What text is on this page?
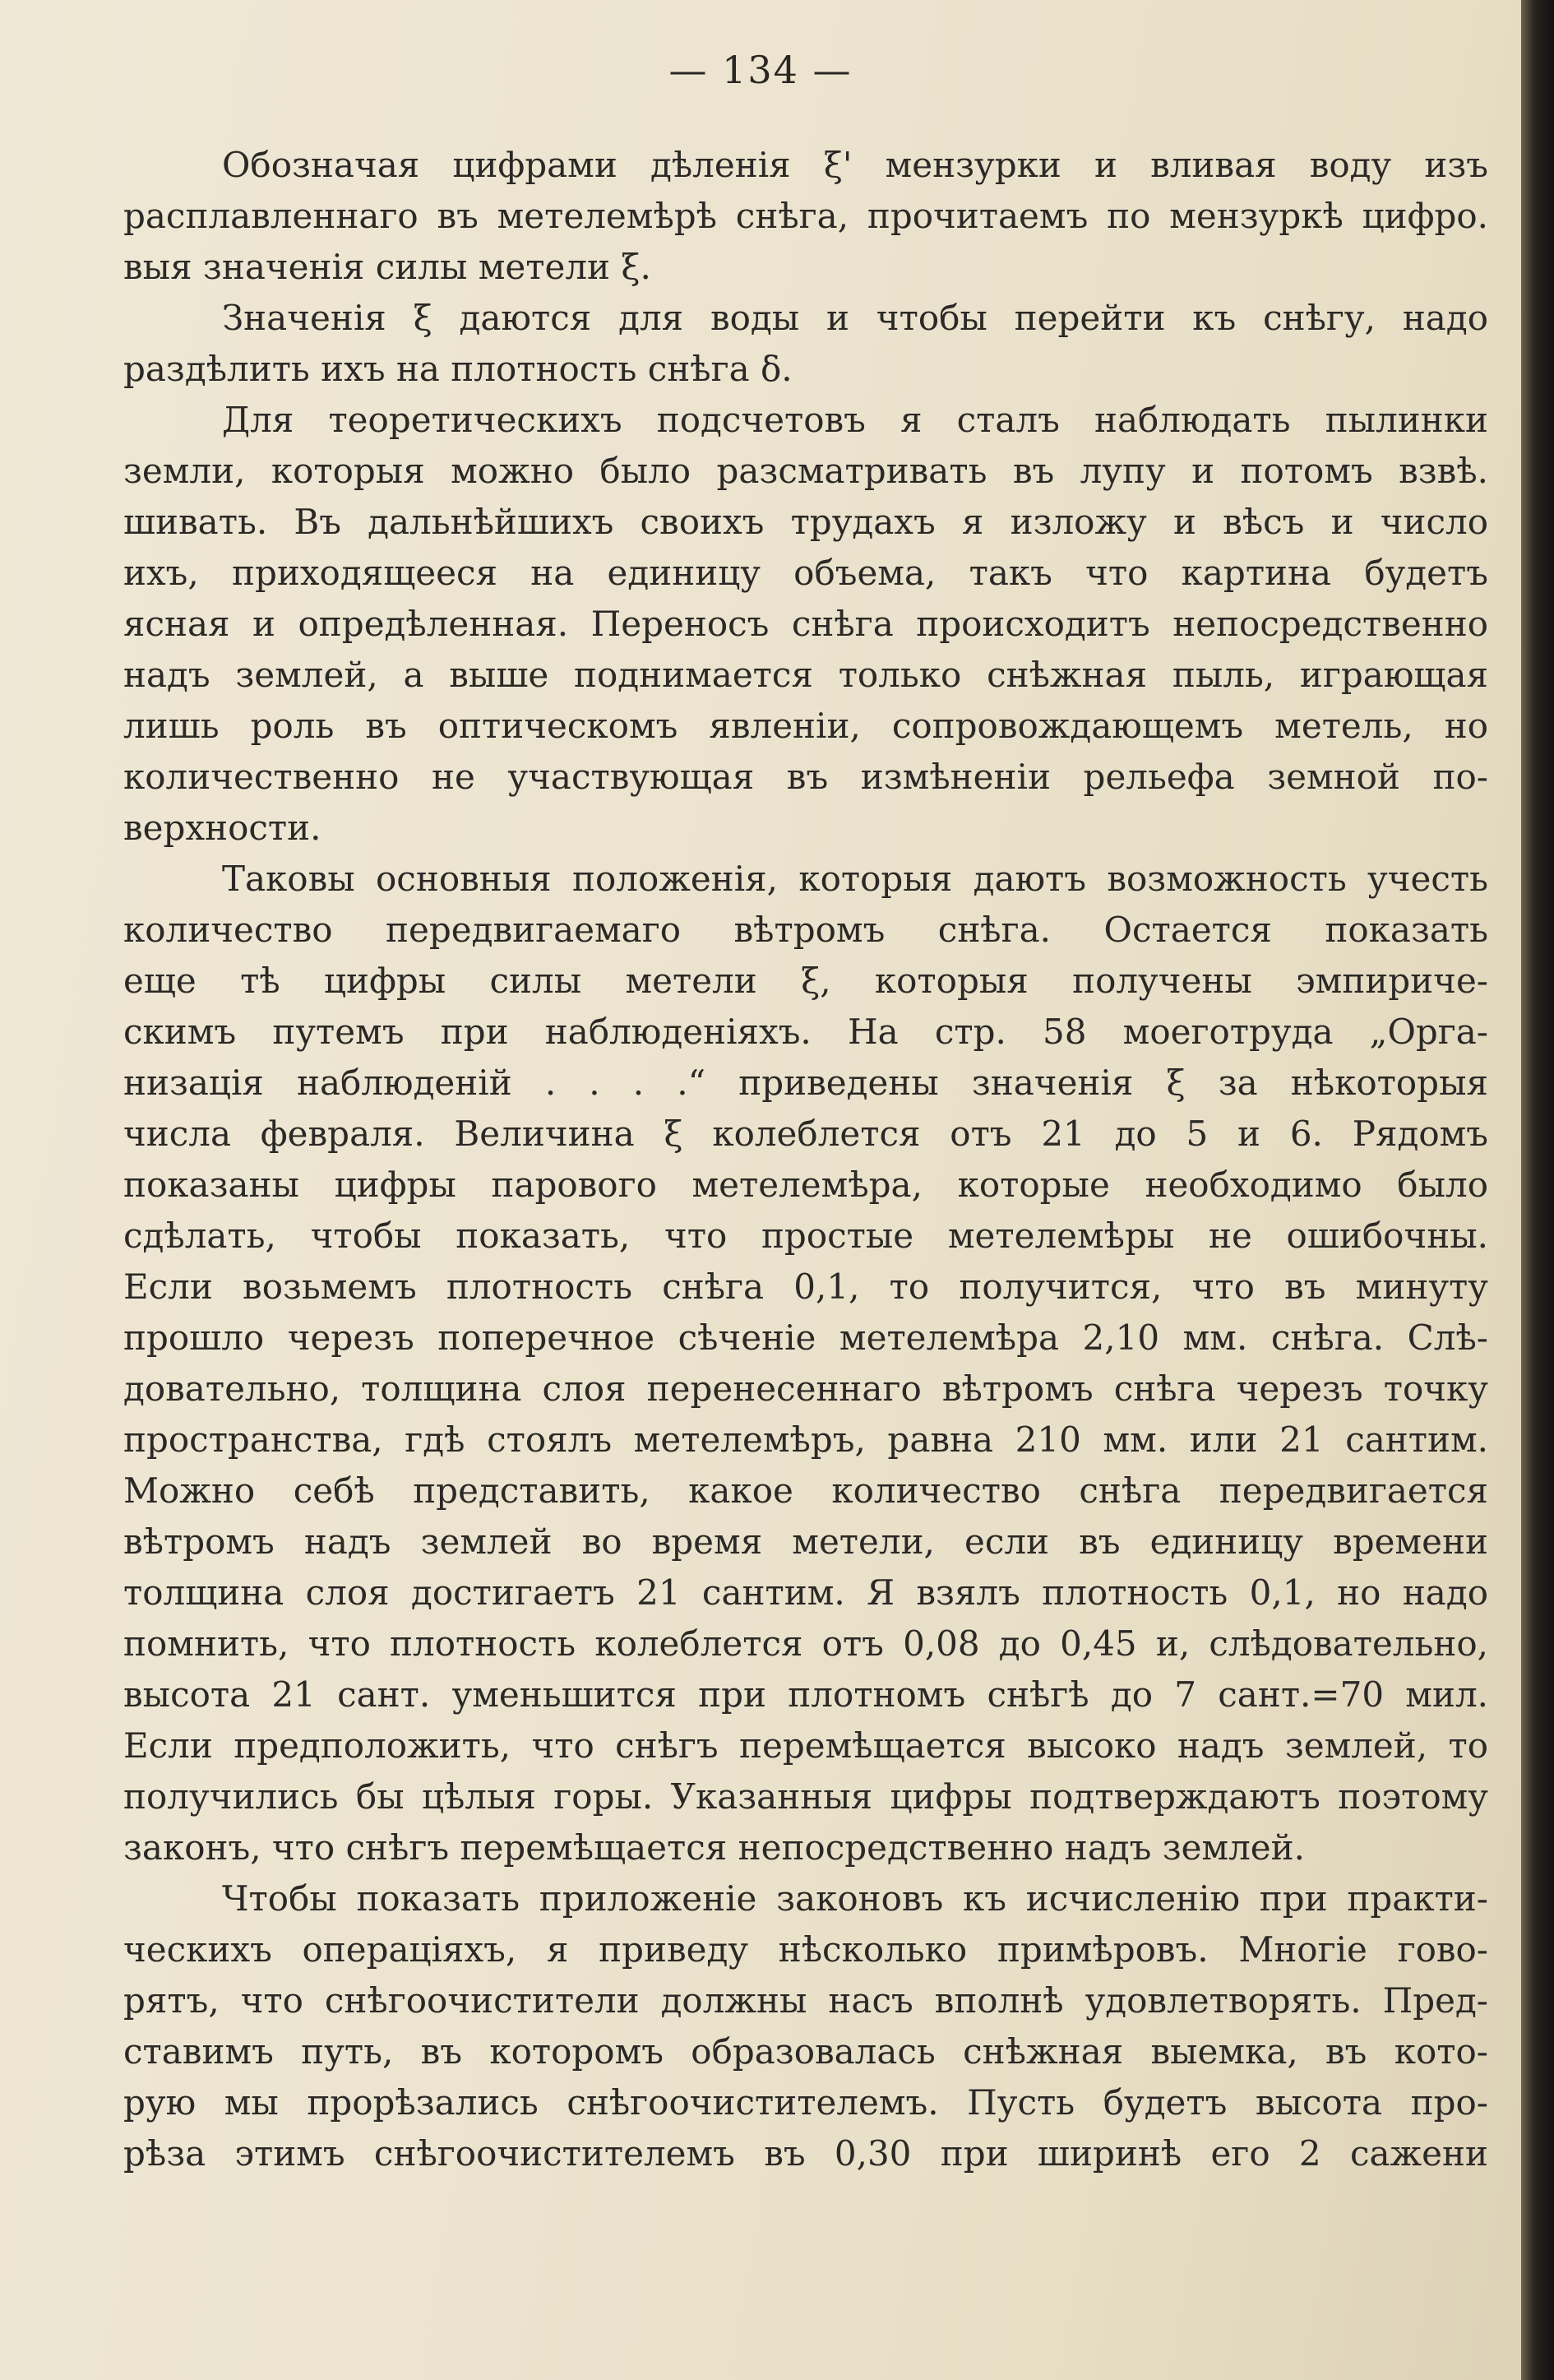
— 134 —
Обозначая цифрами дѣленія ξ' мензурки и вливая воду изъ
расплавленнаго въ метелемѣрѣ снѣга, прочитаемъ по мензуркѣ цифро.
выя значенія силы метели ξ.
Значенія ξ даются для воды и чтобы перейти къ снѣгу, надо
раздѣлить ихъ на плотность снѣга δ.
Для теоретическихъ подсчетовъ я сталъ наблюдать пылинки
земли, которыя можно было разсматривать въ лупу и потомъ взвѣ.
шивать. Въ дальнѣйшихъ своихъ трудахъ я изложу и вѣсъ и число
ихъ, приходящееся на единицу объема, такъ что картина будетъ
ясная и опредѣленная. Переносъ снѣга происходитъ непосредственно
надъ землей, а выше поднимается только снѣжная пыль, играющая
лишь роль въ оптическомъ явленіи, сопровождающемъ метель, но
количественно не участвующая въ измѣненіи рельефа земной по-
верхности.
Таковы основныя положенія, которыя даютъ возможность учесть
количество передвигаемаго вѣтромъ снѣга. Остается показать
еще тѣ цифры силы метели ξ, которыя получены эмпириче-
скимъ путемъ при наблюденіяхъ. На стр. 58 моеготруда „Орга-
низація наблюденій . . . .“ приведены значенія ξ за нѣкоторыя
числа февраля. Величина ξ колеблется отъ 21 до 5 и 6. Рядомъ
показаны цифры парового метелемѣра, которые необходимо было
сдѣлать, чтобы показать, что простые метелемѣры не ошибочны.
Если возьмемъ плотность снѣга 0,1, то получится, что въ минуту
прошло черезъ поперечное сѣченіе метелемѣра 2,10 мм. снѣга. Слѣ-
довательно, толщина слоя перенесеннаго вѣтромъ снѣга черезъ точку
пространства, гдѣ стоялъ метелемѣръ, равна 210 мм. или 21 сантим.
Можно себѣ представить, какое количество снѣга передвигается
вѣтромъ надъ землей во время метели, если въ единицу времени
толщина слоя достигаетъ 21 сантим. Я взялъ плотность 0,1, но надо
помнить, что плотность колеблется отъ 0,08 до 0,45 и, слѣдовательно,
высота 21 сант. уменьшится при плотномъ снѣгѣ до 7 сант.=70 мил.
Если предположить, что снѣгъ перемѣщается высоко надъ землей, то
получились бы цѣлыя горы. Указанныя цифры подтверждаютъ поэтому
законъ, что снѣгъ перемѣщается непосредственно надъ землей.
Чтобы показать приложеніе законовъ къ исчисленію при практи-
ческихъ операціяхъ, я приведу нѣсколько примѣровъ. Многіе гово-
рятъ, что снѣгоочистители должны насъ вполнѣ удовлетворять. Пред-
ставимъ путь, въ которомъ образовалась снѣжная выемка, въ кото-
рую мы прорѣзались снѣгоочистителемъ. Пусть будетъ высота про-
рѣза этимъ снѣгоочистителемъ въ 0,30 при ширинѣ его 2 сажени
